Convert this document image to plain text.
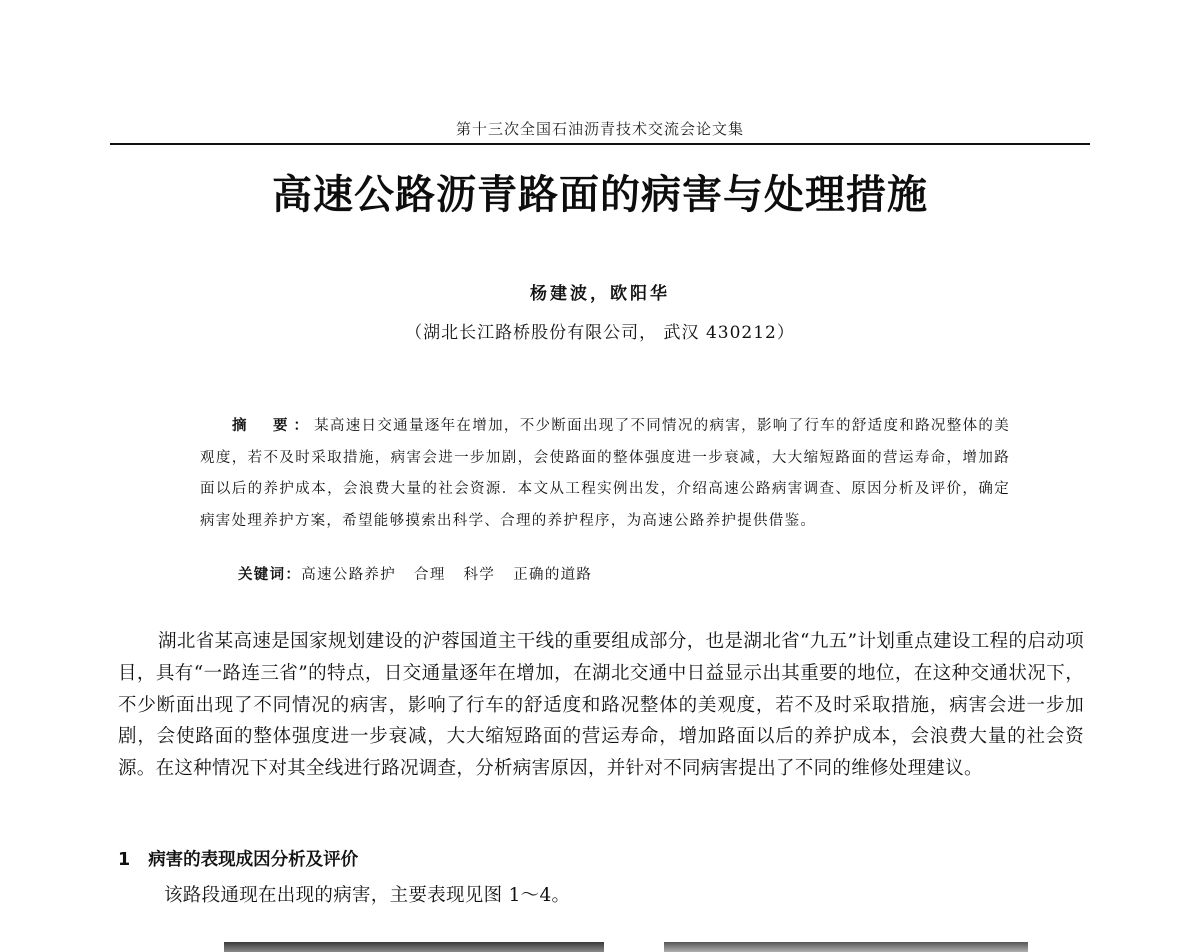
第十三次全国石油沥青技术交流会论文集
高速公路沥青路面的病害与处理措施
杨建波，欧阳华
（湖北长江路桥股份有限公司， 武汉 430212）
摘　要：某高速日交通量逐年在增加，不少断面出现了不同情况的病害，影响了行车的舒适度和路况整体的美观度，若不及时采取措施，病害会进一步加剧，会使路面的整体强度进一步衰减，大大缩短路面的营运寿命，增加路面以后的养护成本，会浪费大量的社会资源．本文从工程实例出发，介绍高速公路病害调查、原因分析及评价，确定病害处理养护方案，希望能够摸索出科学、合理的养护程序，为高速公路养护提供借鉴。
关键词：高速公路养护 合理 科学 正确的道路
湖北省某高速是国家规划建设的沪蓉国道主干线的重要组成部分，也是湖北省“九五”计划重点建设工程的启动项目，具有“一路连三省”的特点，日交通量逐年在增加，在湖北交通中日益显示出其重要的地位，在这种交通状况下，不少断面出现了不同情况的病害，影响了行车的舒适度和路况整体的美观度，若不及时采取措施，病害会进一步加剧，会使路面的整体强度进一步衰减，大大缩短路面的营运寿命，增加路面以后的养护成本，会浪费大量的社会资源。在这种情况下对其全线进行路况调查，分析病害原因，并针对不同病害提出了不同的维修处理建议。
1 病害的表现成因分析及评价
该路段通现在出现的病害，主要表现见图 1～4。
